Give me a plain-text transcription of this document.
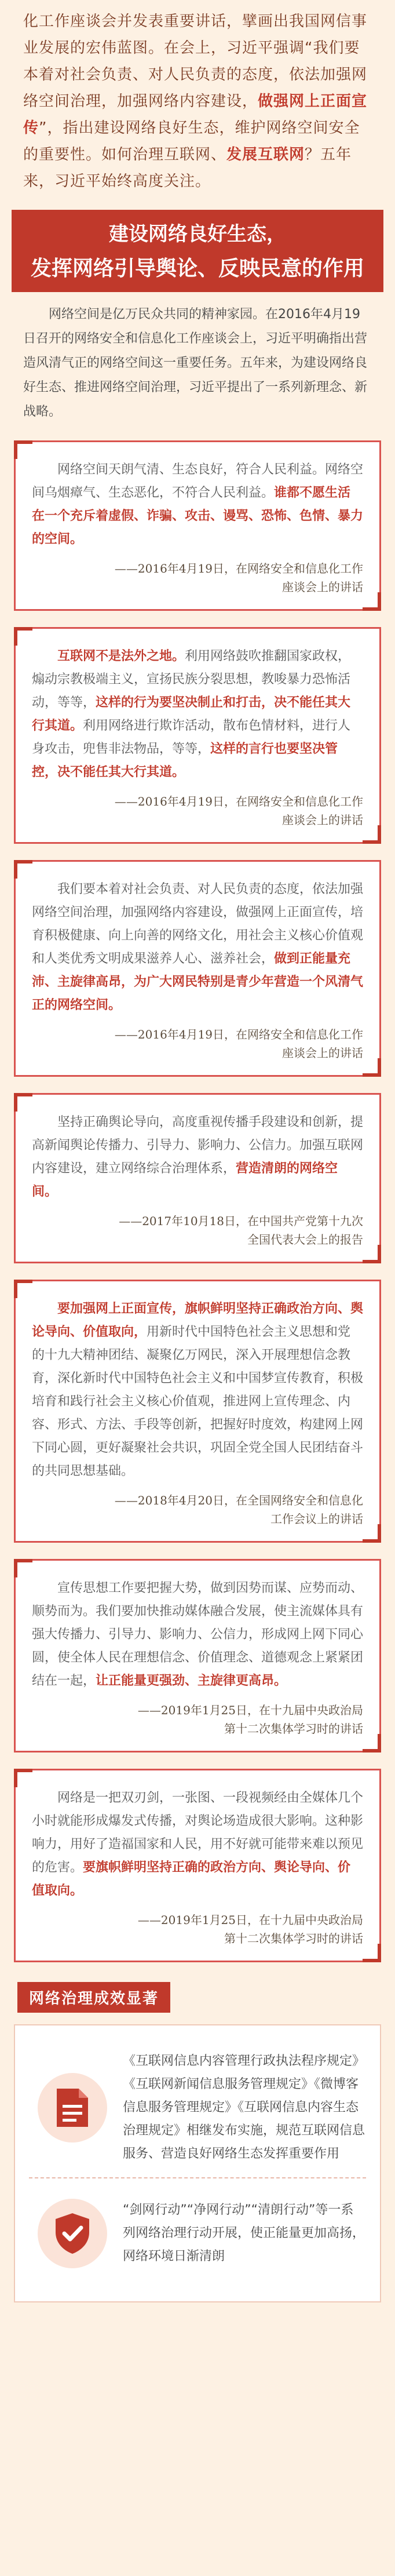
化工作座谈会并发表重要讲话，擘画出我国网信事业发展的宏伟蓝图。在会上，习近平强调“我们要本着对社会负责、对人民负责的态度，依法加强网络空间治理，加强网络内容建设，做强网上正面宣传”，指出建设网络良好生态，维护网络空间安全的重要性。如何治理互联网、发展互联网？五年来，习近平始终高度关注。
建设网络良好生态，
发挥网络引导舆论、反映民意的作用
网络空间是亿万民众共同的精神家园。在2016年4月19日召开的网络安全和信息化工作座谈会上，习近平明确指出营造风清气正的网络空间这一重要任务。五年来，为建设网络良好生态、推进网络空间治理，习近平提出了一系列新理念、新战略。
网络空间天朗气清、生态良好，符合人民利益。网络空间乌烟瘴气、生态恶化，不符合人民利益。谁都不愿生活在一个充斥着虚假、诈骗、攻击、谩骂、恐怖、色情、暴力的空间。
——2016年4月19日，在网络安全和信息化工作
座谈会上的讲话
互联网不是法外之地。利用网络鼓吹推翻国家政权，煽动宗教极端主义，宣扬民族分裂思想，教唆暴力恐怖活动，等等，这样的行为要坚决制止和打击，决不能任其大行其道。利用网络进行欺诈活动，散布色情材料，进行人身攻击，兜售非法物品，等等，这样的言行也要坚决管控，决不能任其大行其道。
——2016年4月19日，在网络安全和信息化工作
座谈会上的讲话
我们要本着对社会负责、对人民负责的态度，依法加强网络空间治理，加强网络内容建设，做强网上正面宣传，培育积极健康、向上向善的网络文化，用社会主义核心价值观和人类优秀文明成果滋养人心、滋养社会，做到正能量充沛、主旋律高昂，为广大网民特别是青少年营造一个风清气正的网络空间。
——2016年4月19日，在网络安全和信息化工作
座谈会上的讲话
坚持正确舆论导向，高度重视传播手段建设和创新，提高新闻舆论传播力、引导力、影响力、公信力。加强互联网内容建设，建立网络综合治理体系，营造清朗的网络空间。
——2017年10月18日，在中国共产党第十九次
全国代表大会上的报告
要加强网上正面宣传，旗帜鲜明坚持正确政治方向、舆论导向、价值取向，用新时代中国特色社会主义思想和党的十九大精神团结、凝聚亿万网民，深入开展理想信念教育，深化新时代中国特色社会主义和中国梦宣传教育，积极培育和践行社会主义核心价值观，推进网上宣传理念、内容、形式、方法、手段等创新，把握好时度效，构建网上网下同心圆，更好凝聚社会共识，巩固全党全国人民团结奋斗的共同思想基础。
——2018年4月20日，在全国网络安全和信息化
工作会议上的讲话
宣传思想工作要把握大势，做到因势而谋、应势而动、顺势而为。我们要加快推动媒体融合发展，使主流媒体具有强大传播力、引导力、影响力、公信力，形成网上网下同心圆，使全体人民在理想信念、价值理念、道德观念上紧紧团结在一起，让正能量更强劲、主旋律更高昂。
——2019年1月25日，在十九届中央政治局
第十二次集体学习时的讲话
网络是一把双刃剑，一张图、一段视频经由全媒体几个小时就能形成爆发式传播，对舆论场造成很大影响。这种影响力，用好了造福国家和人民，用不好就可能带来难以预见的危害。要旗帜鲜明坚持正确的政治方向、舆论导向、价值取向。
——2019年1月25日，在十九届中央政治局
第十二次集体学习时的讲话
网络治理成效显著
《互联网信息内容管理行政执法程序规定》《互联网新闻信息服务管理规定》《微博客信息服务管理规定》《互联网信息内容生态治理规定》相继发布实施，规范互联网信息服务、营造良好网络生态发挥重要作用
“剑网行动”“净网行动”“清朗行动”等一系列网络治理行动开展，使正能量更加高扬，网络环境日渐清朗
